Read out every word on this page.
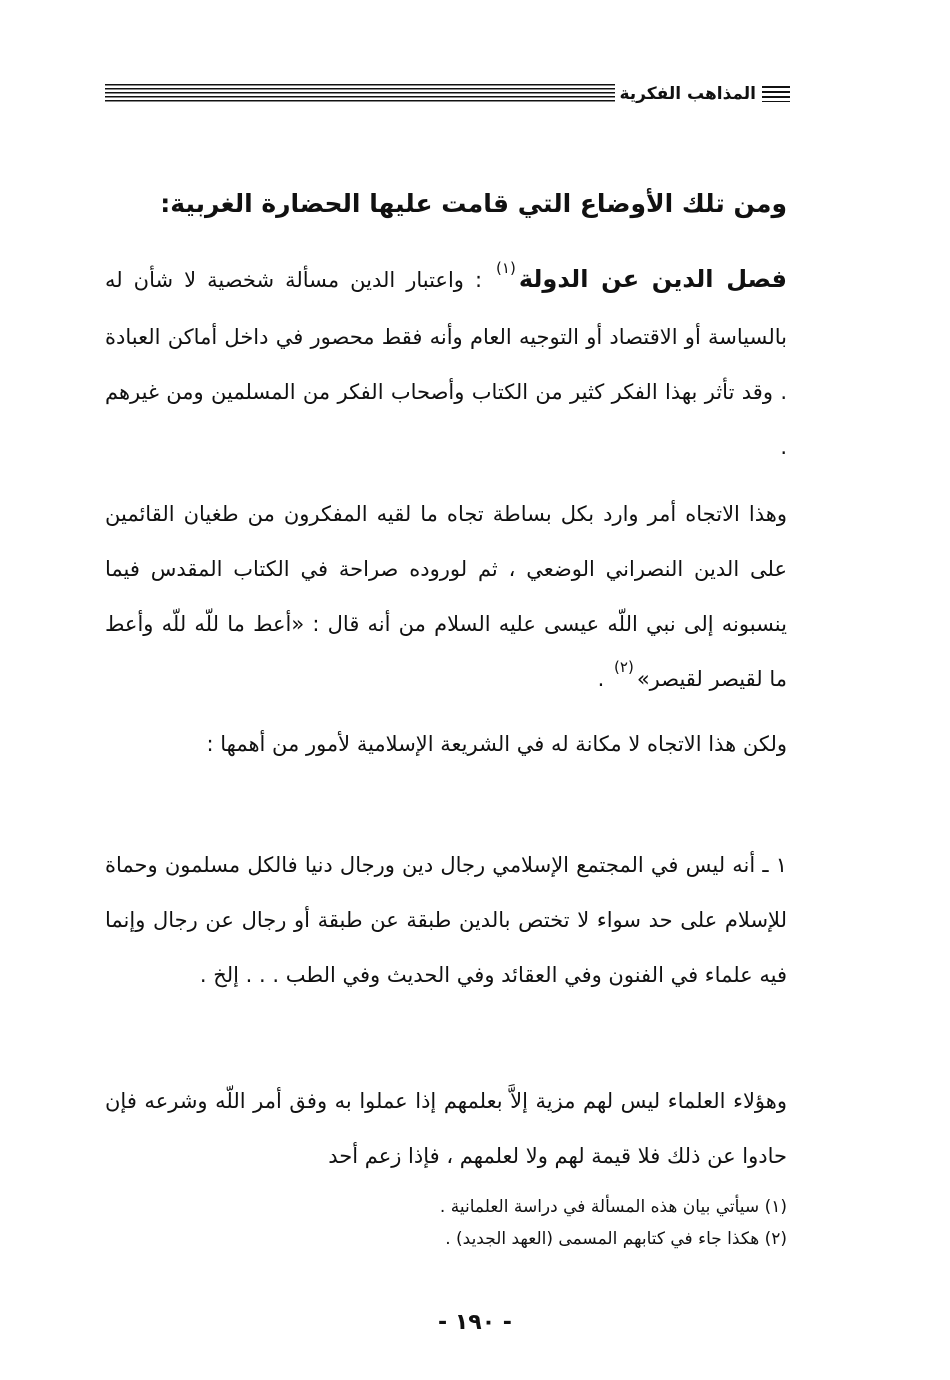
المذاهب الفكرية
ومن تلك الأوضاع التي قامت عليها الحضارة الغربية:
فصل الدين عن الدولة$^{(١)}$ : واعتبار الدين مسألة شخصية لا شأن له بالسياسة أو الاقتصاد أو التوجيه العام وأنه فقط محصور في داخل أماكن العبادة . وقد تأثر بهذا الفكر كثير من الكتاب وأصحاب الفكر من المسلمين ومن غيرهم .
وهذا الاتجاه أمر وارد بكل بساطة تجاه ما لقيه المفكرون من طغيان القائمين على الدين النصراني الوضعي ، ثم لوروده صراحة في الكتاب المقدس فيما ينسبونه إلى نبي اللّه عيسى عليه السلام من أنه قال : «أعط ما للّه للّه وأعط ما لقيصر لقيصر»$^{(٢)}$ .
ولكن هذا الاتجاه لا مكانة له في الشريعة الإسلامية لأمور من أهمها :
١ ـ أنه ليس في المجتمع الإسلامي رجال دين ورجال دنيا فالكل مسلمون وحماة للإسلام على حد سواء لا تختص بالدين طبقة عن طبقة أو رجال عن رجال وإنما فيه علماء في الفنون وفي العقائد وفي الحديث وفي الطب . . . إلخ .
وهؤلاء العلماء ليس لهم مزية إلاَّ بعلمهم إذا عملوا به وفق أمر اللّه وشرعه فإن حادوا عن ذلك فلا قيمة لهم ولا لعلمهم ، فإذا زعم أحد
(١) سيأتي بيان هذه المسألة في دراسة العلمانية .
(٢) هكذا جاء في كتابهم المسمى (العهد الجديد) .
- ١٩٠ -
